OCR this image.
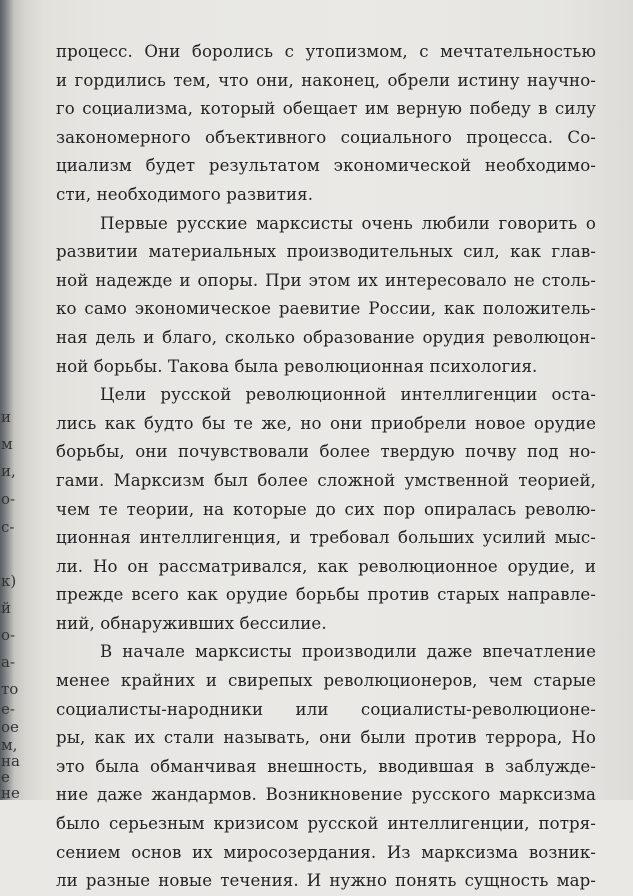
и
м
и,
о-
с-
к)
й
о-
а-
то
е-
ое
м,
на
е
не
процесс. Они боролись с утопизмом, с мечтательностью
и гордились тем, что они, наконец, обрели истину научно-
го социализма, который обещает им верную победу в силу
закономерного объективного социального процесса. Со-
циализм будет результатом экономической необходимо-
сти, необходимого развития.
Первые русские марксисты очень любили говорить о
развитии материальных производительных сил, как глав-
ной надежде и опоры. При этом их интересовало не столь-
ко само экономическое раевитие России, как положитель-
ная дель и благо, сколько образование орудия революцон-
ной борьбы. Такова была революционная психология.
Цели русской революционной интеллигенции оста-
лись как будто бы те же, но они приобрели новое орудие
борьбы, они почувствовали более твердую почву под но-
гами. Марксизм был более сложной умственной теорией,
чем те теории, на которые до сих пор опиралась револю-
ционная интеллигенция, и требовал больших усилий мыс-
ли. Но он рассматривался, как революционное орудие, и
прежде всего как орудие борьбы против старых направле-
ний, обнаруживших бессилие.
В начале марксисты производили даже впечатление
менее крайних и свирепых революционеров, чем старые
социалисты-народники или социалисты-революционе-
ры, как их стали называть, они были против террора, Но
это была обманчивая внешность, вводившая в заблужде-
ние даже жандармов. Возникновение русского марксизма
было серьезным кризисом русской интеллигенции, потря-
сением основ их миросозердания. Из марксизма возник-
ли разные новые течения. И нужно понять сущность мар-
